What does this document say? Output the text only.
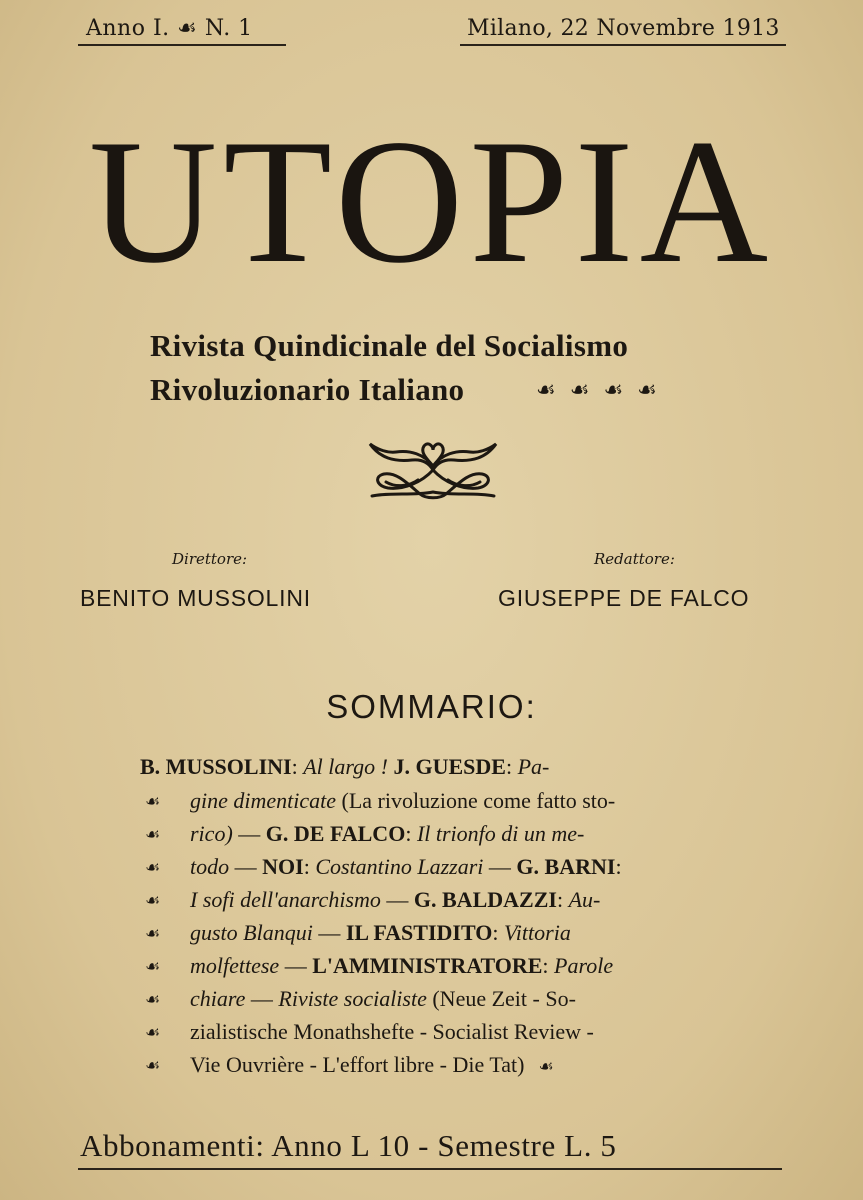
Anno I. ☙ N. 1	Milano, 22 Novembre 1913
UTOPIA
Rivista Quindicinale del Socialismo
Rivoluzionario Italiano	☙☙☙☙
Direttore:	Redattore:
BENITO MUSSOLINI	GIUSEPPE DE FALCO
SOMMARIO:
B. MUSSOLINI: Al largo ! J. GUESDE: Pa-
☙ gine dimenticate (La rivoluzione come fatto sto-
☙ rico) — G. DE FALCO: Il trionfo di un me-
☙ todo — NOI: Costantino Lazzari — G. BARNI:
☙ I sofi dell'anarchismo — G. BALDAZZI: Au-
☙ gusto Blanqui — IL FASTIDITO: Vittoria
☙ molfettese — L'AMMINISTRATORE: Parole
☙ chiare — Riviste socialiste (Neue Zeit - So-
☙ zialistische Monathshefte - Socialist Review -
☙ Vie Ouvrière - L'effort libre - Die Tat) ☙
Abbonamenti: Anno L 10 - Semestre L. 5
